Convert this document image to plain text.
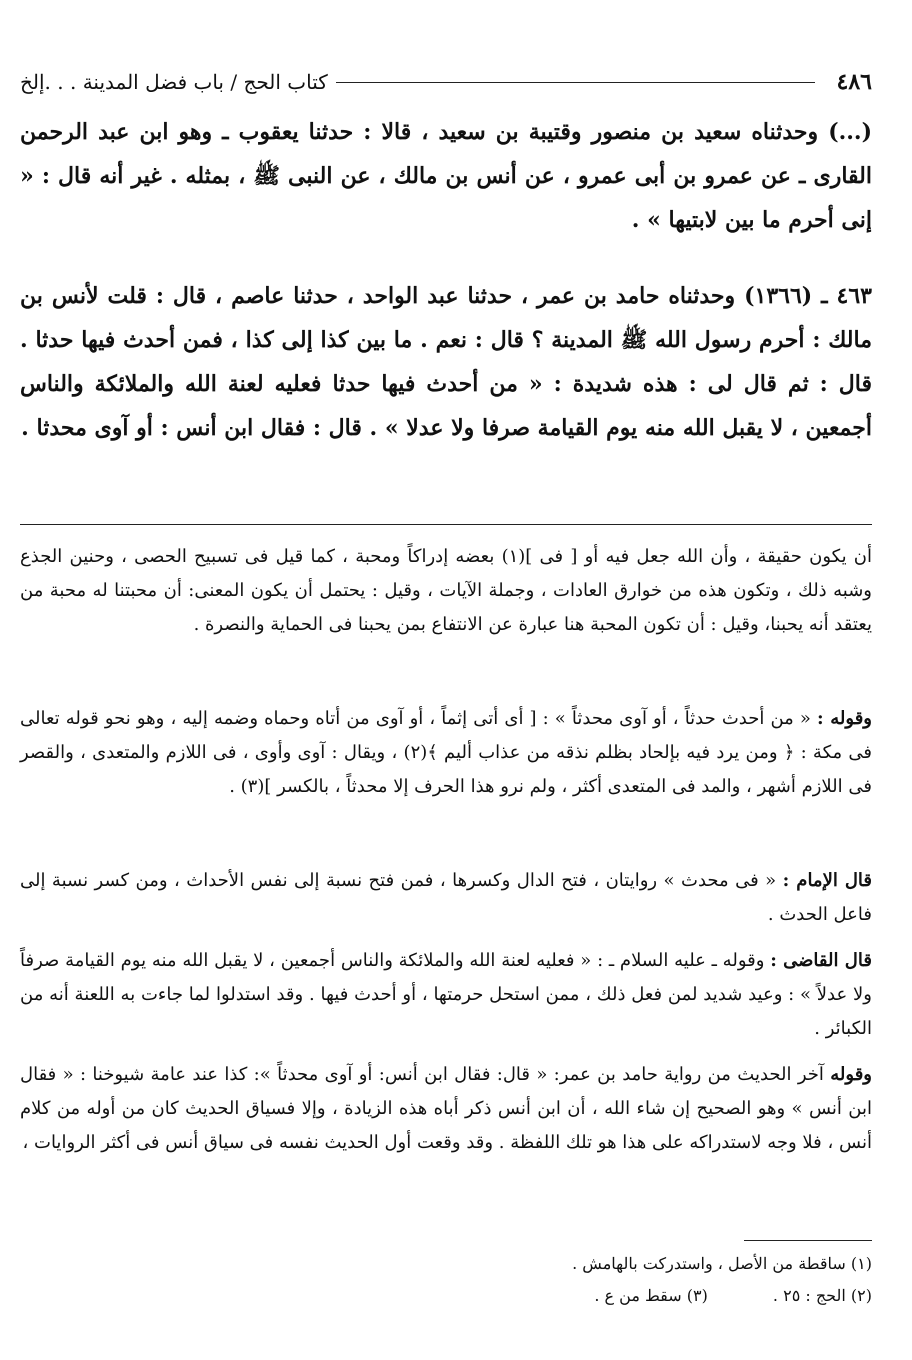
٤٨٦
كتاب الحج / باب فضل المدينة . . .إلخ
(...) وحدثناه سعيد بن منصور وقتيبة بن سعيد ، قالا : حدثنا يعقوب ـ وهو ابن عبد الرحمن القارى ـ عن عمرو بن أبى عمرو ، عن أنس بن مالك ، عن النبى ﷺ ، بمثله . غير أنه قال : « إنى أحرم ما بين لابتيها » .
٤٦٣ ـ (١٣٦٦) وحدثناه حامد بن عمر ، حدثنا عبد الواحد ، حدثنا عاصم ، قال : قلت لأنس بن مالك : أحرم رسول الله ﷺ المدينة ؟ قال : نعم . ما بين كذا إلى كذا ، فمن أحدث فيها حدثا . قال : ثم قال لى : هذه شديدة : « من أحدث فيها حدثا فعليه لعنة الله والملائكة والناس أجمعين ، لا يقبل الله منه يوم القيامة صرفا ولا عدلا » . قال : فقال ابن أنس : أو آوى محدثا .
أن يكون حقيقة ، وأن الله جعل فيه أو [ فى ](١) بعضه إدراكاً ومحبة ، كما قيل فى تسبيح الحصى ، وحنين الجذع وشبه ذلك ، وتكون هذه من خوارق العادات ، وجملة الآيات ، وقيل : يحتمل أن يكون المعنى: أن محبتنا له محبة من يعتقد أنه يحبنا، وقيل : أن تكون المحبة هنا عبارة عن الانتفاع بمن يحبنا فى الحماية والنصرة .
وقوله : « من أحدث حدثاً ، أو آوى محدثاً » : [ أى أتى إثماً ، أو آوى من أتاه وحماه وضمه إليه ، وهو نحو قوله تعالى فى مكة : ﴿ ومن يرد فيه بإلحاد بظلم نذقه من عذاب أليم ﴾(٢) ، ويقال : آوى وأوى ، فى اللازم والمتعدى ، والقصر فى اللازم أشهر ، والمد فى المتعدى أكثر ، ولم نرو هذا الحرف إلا محدثاً ، بالكسر ](٣) .
قال الإمام : « فى محدث » روايتان ، فتح الدال وكسرها ، فمن فتح نسبة إلى نفس الأحداث ، ومن كسر نسبة إلى فاعل الحدث .
قال القاضى : وقوله ـ عليه السلام ـ : « فعليه لعنة الله والملائكة والناس أجمعين ، لا يقبل الله منه يوم القيامة صرفاً ولا عدلاً » : وعيد شديد لمن فعل ذلك ، ممن استحل حرمتها ، أو أحدث فيها . وقد استدلوا لما جاءت به اللعنة أنه من الكبائر .
وقوله آخر الحديث من رواية حامد بن عمر: « قال: فقال ابن أنس: أو آوى محدثاً »: كذا عند عامة شيوخنا : « فقال ابن أنس » وهو الصحيح إن شاء الله ، أن ابن أنس ذكر أباه هذه الزيادة ، وإلا فسياق الحديث كان من أوله من كلام أنس ، فلا وجه لاستدراكه على هذا هو تلك اللفظة . وقد وقعت أول الحديث نفسه فى سياق أنس فى أكثر الروايات ،
(١) ساقطة من الأصل ، واستدركت بالهامش .
(٢) الحج : ٢٥ . (٣) سقط من ع .
